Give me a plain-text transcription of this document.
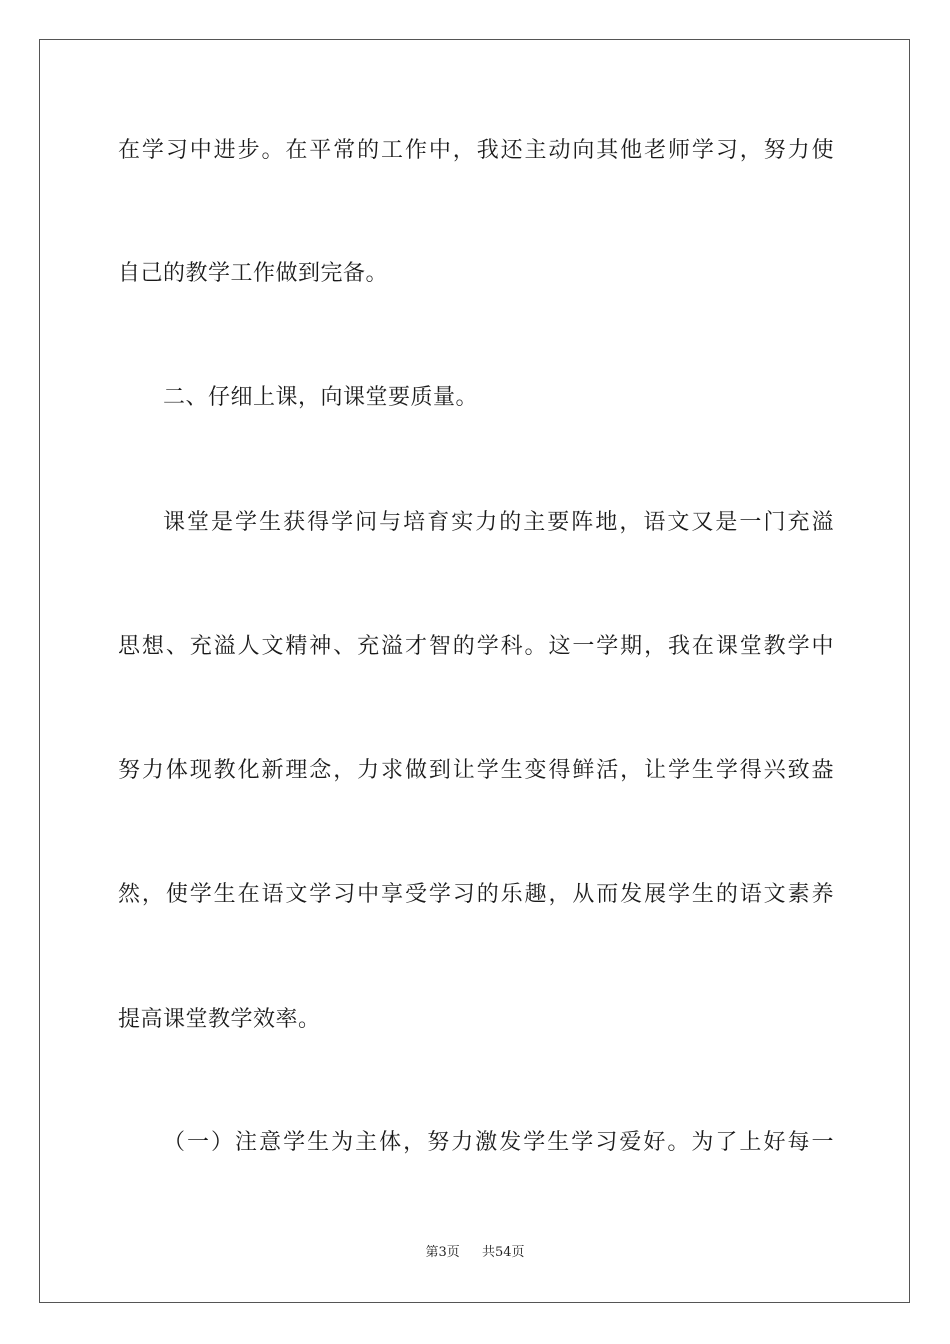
在学习中进步。在平常的工作中，我还主动向其他老师学习，努力使
自己的教学工作做到完备。
二、仔细上课，向课堂要质量。
课堂是学生获得学问与培育实力的主要阵地，语文又是一门充溢
思想、充溢人文精神、充溢才智的学科。这一学期，我在课堂教学中
努力体现教化新理念，力求做到让学生变得鲜活，让学生学得兴致盎
然，使学生在语文学习中享受学习的乐趣，从而发展学生的语文素养
提高课堂教学效率。
（一）注意学生为主体，努力激发学生学习爱好。为了上好每一
第3页 共54页
